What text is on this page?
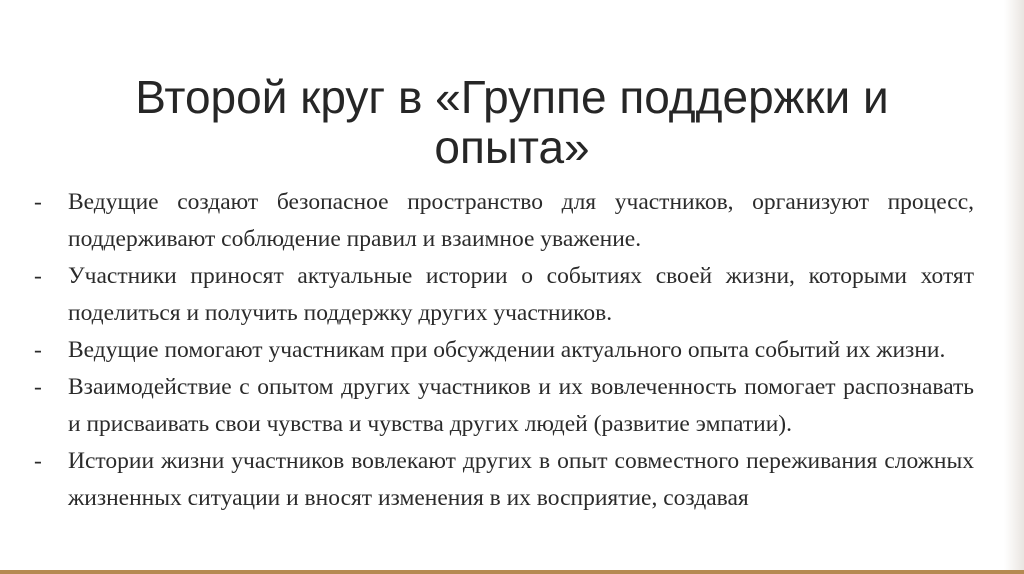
Второй круг в «Группе поддержки и
опыта»
-	Ведущие создают безопасное пространство для участников, организуют процесс, поддерживают соблюдение правил и взаимное уважение.
-	Участники приносят актуальные истории о событиях своей жизни, которыми хотят поделиться и получить поддержку других участников.
-	Ведущие помогают участникам при обсуждении актуального опыта событий их жизни.
-	Взаимодействие с опытом других участников и их вовлеченность помогает распознавать и присваивать свои чувства и чувства других людей (развитие эмпатии).
-	Истории жизни участников вовлекают других в опыт совместного переживания сложных жизненных ситуации и вносят изменения в их восприятие, создавая
